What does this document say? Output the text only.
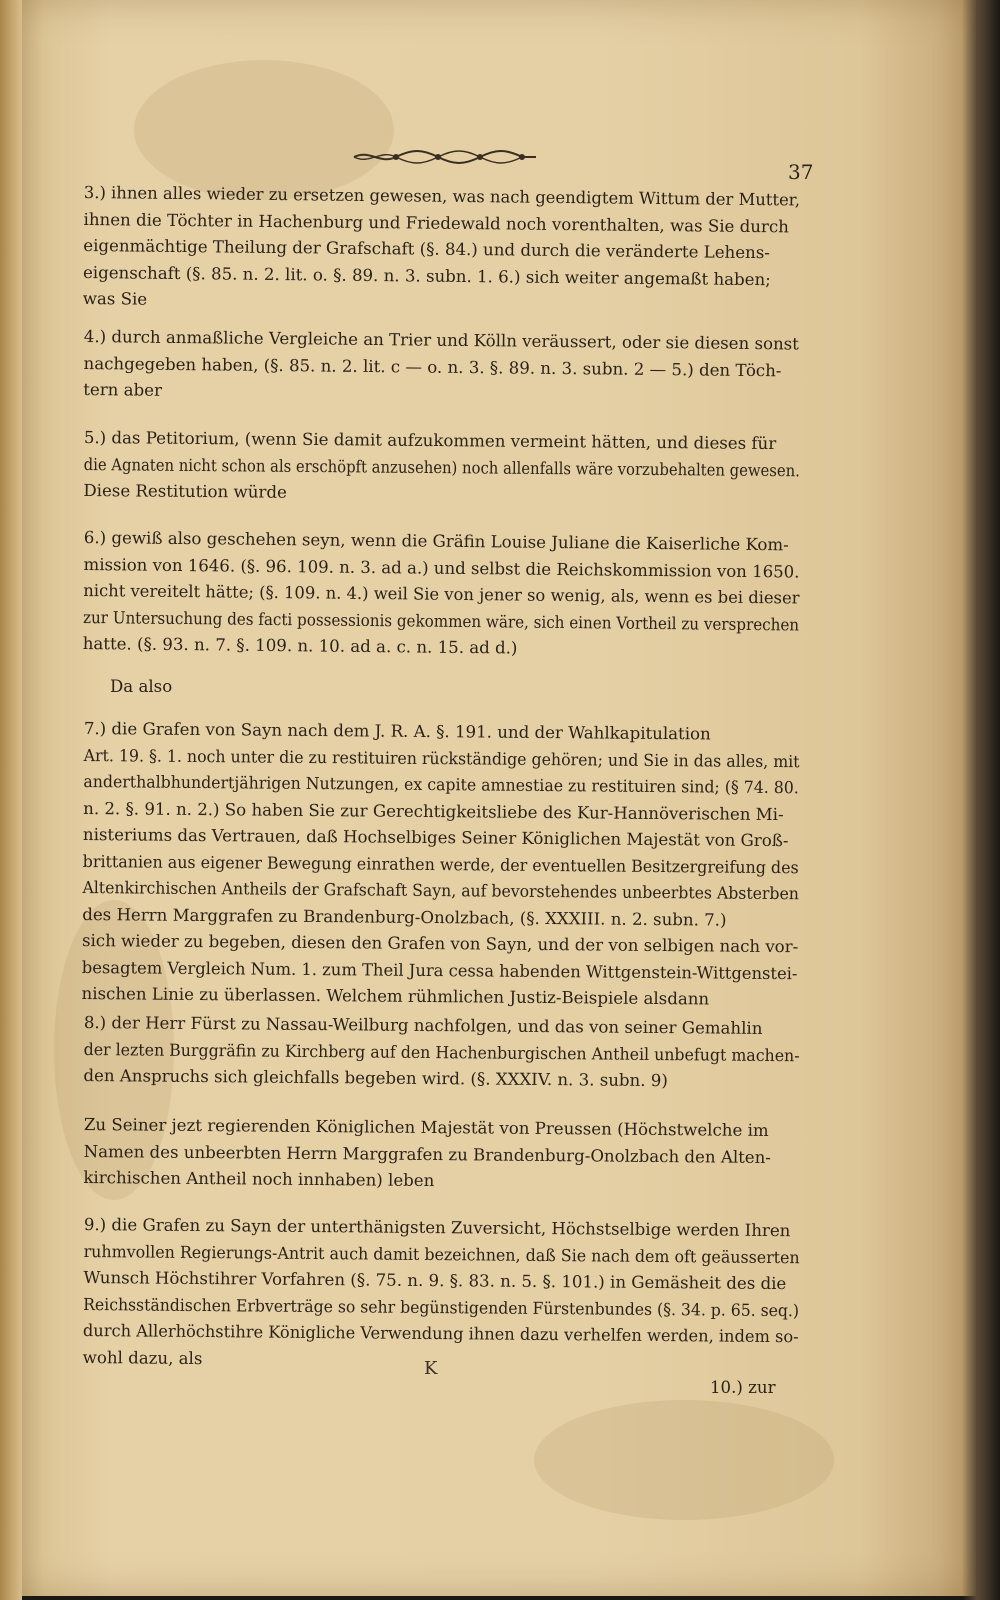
37
3.) ihnen alles wieder zu ersetzen gewesen, was nach geendigtem Wittum der Mutter,
ihnen die Töchter in Hachenburg und Friedewald noch vorenthalten, was Sie durch
eigenmächtige Theilung der Grafschaft (§. 84.) und durch die veränderte Lehens-
eigenschaft (§. 85. n. 2. lit. o. §. 89. n. 3. subn. 1. 6.) sich weiter angemaßt haben;
was Sie
4.) durch anmaßliche Vergleiche an Trier und Kölln veräussert, oder sie diesen sonst
nachgegeben haben, (§. 85. n. 2. lit. c — o. n. 3. §. 89. n. 3. subn. 2 — 5.) den Töch-
tern aber
5.) das Petitorium, (wenn Sie damit aufzukommen vermeint hätten, und dieses für
die Agnaten nicht schon als erschöpft anzusehen) noch allenfalls wäre vorzubehalten gewesen.
Diese Restitution würde
6.) gewiß also geschehen seyn, wenn die Gräfin Louise Juliane die Kaiserliche Kom-
mission von 1646. (§. 96. 109. n. 3. ad a.) und selbst die Reichskommission von 1650.
nicht vereitelt hätte; (§. 109. n. 4.) weil Sie von jener so wenig, als, wenn es bei dieser
zur Untersuchung des facti possessionis gekommen wäre, sich einen Vortheil zu versprechen
hatte. (§. 93. n. 7. §. 109. n. 10. ad a. c. n. 15. ad d.)
Da also
7.) die Grafen von Sayn nach dem J. R. A. §. 191. und der Wahlkapitulation
Art. 19. §. 1. noch unter die zu restituiren rückständige gehören; und Sie in das alles, mit
anderthalbhundertjährigen Nutzungen, ex capite amnestiae zu restituiren sind; (§ 74. 80.
n. 2. §. 91. n. 2.) So haben Sie zur Gerechtigkeitsliebe des Kur-Hannöverischen Mi-
nisteriums das Vertrauen, daß Hochselbiges Seiner Königlichen Majestät von Groß-
brittanien aus eigener Bewegung einrathen werde, der eventuellen Besitzergreifung des
Altenkirchischen Antheils der Grafschaft Sayn, auf bevorstehendes unbeerbtes Absterben
des Herrn Marggrafen zu Brandenburg-Onolzbach, (§. XXXIII. n. 2. subn. 7.)
sich wieder zu begeben, diesen den Grafen von Sayn, und der von selbigen nach vor-
besagtem Vergleich Num. 1. zum Theil Jura cessa habenden Wittgenstein-Wittgenstei-
nischen Linie zu überlassen. Welchem rühmlichen Justiz-Beispiele alsdann
8.) der Herr Fürst zu Nassau-Weilburg nachfolgen, und das von seiner Gemahlin
der lezten Burggräfin zu Kirchberg auf den Hachenburgischen Antheil unbefugt machen-
den Anspruchs sich gleichfalls begeben wird. (§. XXXIV. n. 3. subn. 9)
Zu Seiner jezt regierenden Königlichen Majestät von Preussen (Höchstwelche im
Namen des unbeerbten Herrn Marggrafen zu Brandenburg-Onolzbach den Alten-
kirchischen Antheil noch innhaben) leben
9.) die Grafen zu Sayn der unterthänigsten Zuversicht, Höchstselbige werden Ihren
ruhmvollen Regierungs-Antrit auch damit bezeichnen, daß Sie nach dem oft geäusserten
Wunsch Höchstihrer Vorfahren (§. 75. n. 9. §. 83. n. 5. §. 101.) in Gemäsheit des die
Reichsständischen Erbverträge so sehr begünstigenden Fürstenbundes (§. 34. p. 65. seq.)
durch Allerhöchstihre Königliche Verwendung ihnen dazu verhelfen werden, indem so-
wohl dazu, als
K
10.) zur
